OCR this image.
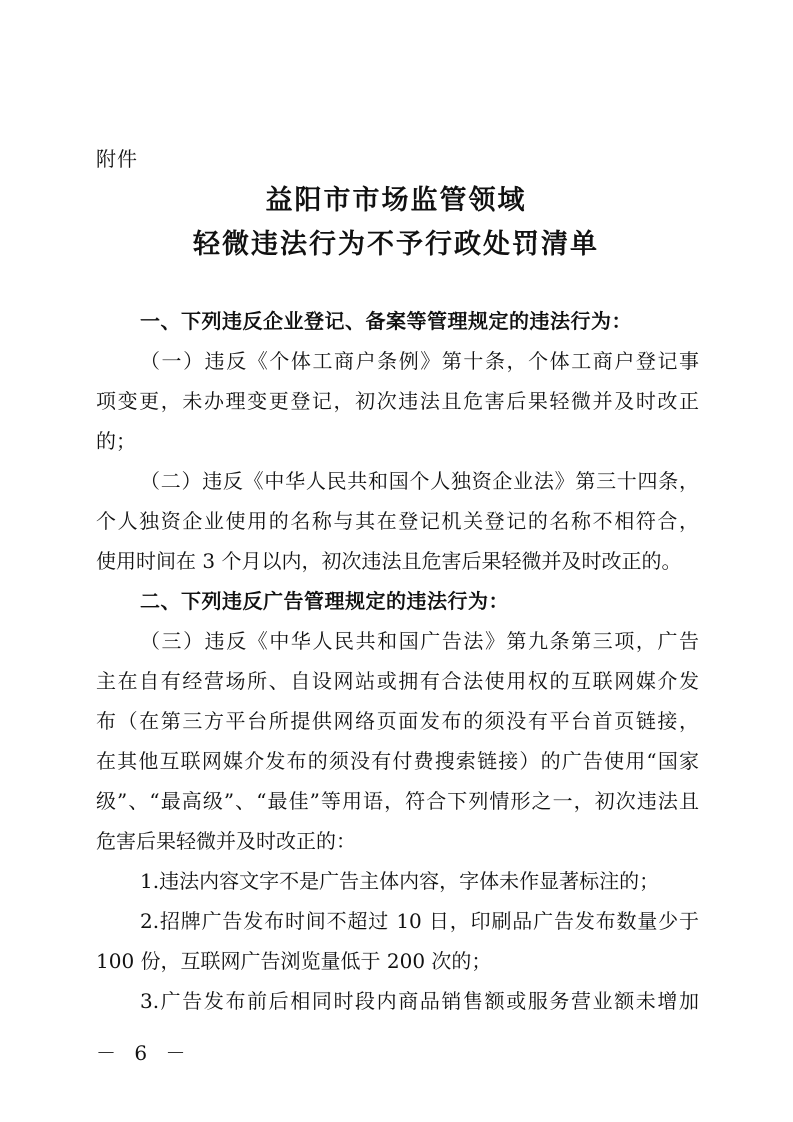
附件
益阳市市场监管领域
轻微违法行为不予行政处罚清单
一、下列违反企业登记、备案等管理规定的违法行为：
（一）违反《个体工商户条例》第十条，个体工商户登记事
项变更，未办理变更登记，初次违法且危害后果轻微并及时改正
的；
（二）违反《中华人民共和国个人独资企业法》第三十四条，
个人独资企业使用的名称与其在登记机关登记的名称不相符合，
使用时间在 3 个月以内，初次违法且危害后果轻微并及时改正的。
二、下列违反广告管理规定的违法行为：
（三）违反《中华人民共和国广告法》第九条第三项，广告
主在自有经营场所、自设网站或拥有合法使用权的互联网媒介发
布（在第三方平台所提供网络页面发布的须没有平台首页链接，
在其他互联网媒介发布的须没有付费搜索链接）的广告使用“国家
级”、“最高级”、“最佳”等用语，符合下列情形之一，初次违法且
危害后果轻微并及时改正的：
1.违法内容文字不是广告主体内容，字体未作显著标注的；
2.招牌广告发布时间不超过 10 日，印刷品广告发布数量少于
100 份，互联网广告浏览量低于 200 次的；
3.广告发布前后相同时段内商品销售额或服务营业额未增加
－ 6 －
